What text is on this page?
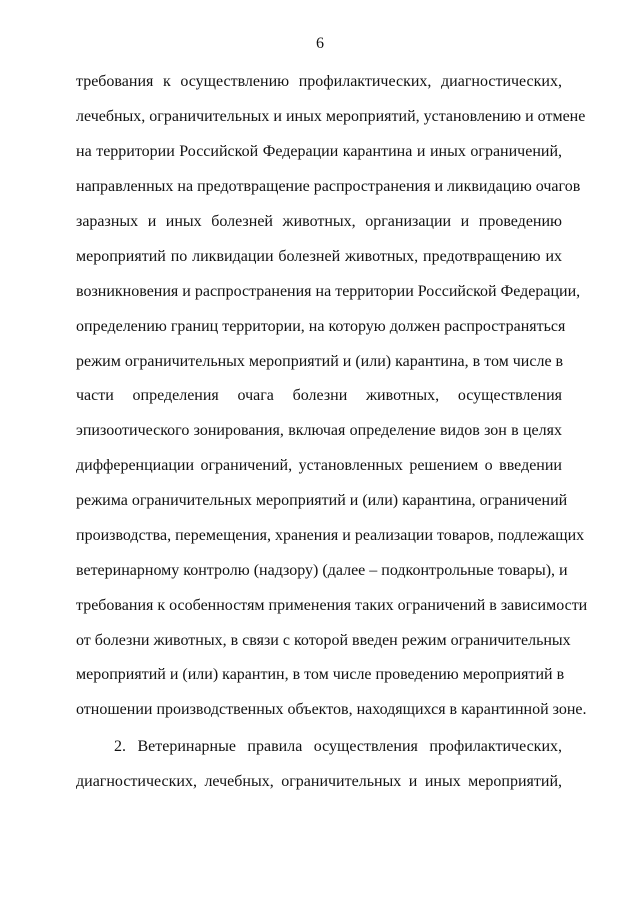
6
требования к осуществлению профилактических, диагностических,
лечебных, ограничительных и иных мероприятий, установлению и отмене
на территории Российской Федерации карантина и иных ограничений,
направленных на предотвращение распространения и ликвидацию очагов
заразных и иных болезней животных, организации и проведению
мероприятий по ликвидации болезней животных, предотвращению их
возникновения и распространения на территории Российской Федерации,
определению границ территории, на которую должен распространяться
режим ограничительных мероприятий и (или) карантина, в том числе в
части определения очага болезни животных, осуществления
эпизоотического зонирования, включая определение видов зон в целях
дифференциации ограничений, установленных решением о введении
режима ограничительных мероприятий и (или) карантина, ограничений
производства, перемещения, хранения и реализации товаров, подлежащих
ветеринарному контролю (надзору) (далее – подконтрольные товары), и
требования к особенностям применения таких ограничений в зависимости
от болезни животных, в связи с которой введен режим ограничительных
мероприятий и (или) карантин, в том числе проведению мероприятий в
отношении производственных объектов, находящихся в карантинной зоне.
2. Ветеринарные правила осуществления профилактических,
диагностических, лечебных, ограничительных и иных мероприятий,
